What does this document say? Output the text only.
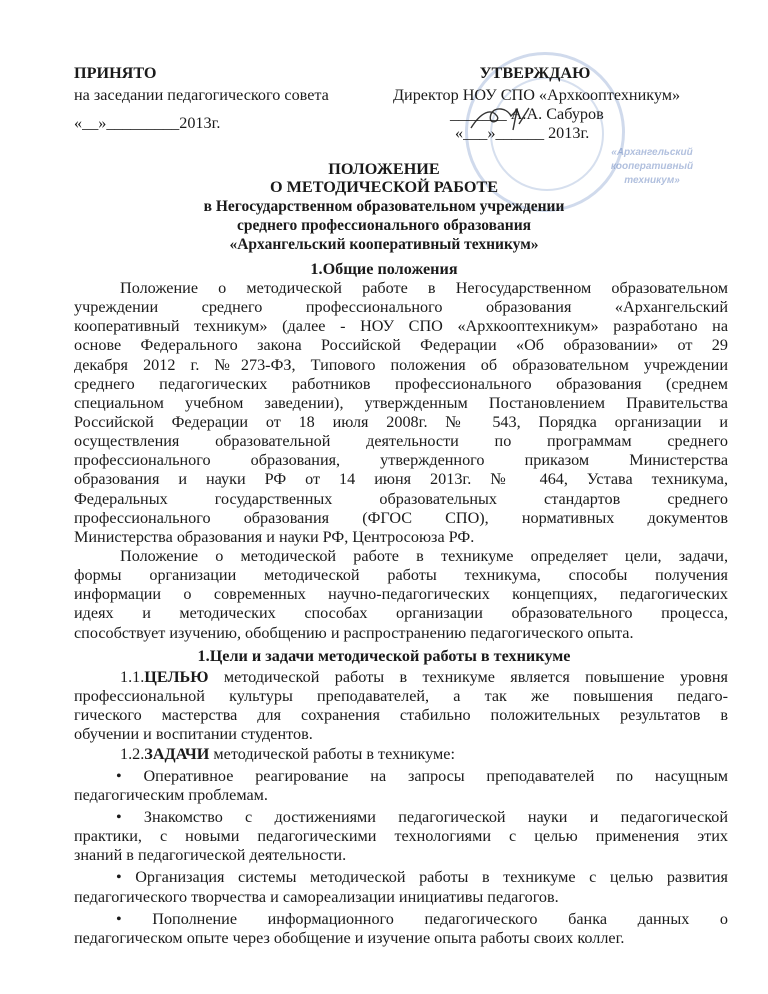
«Архангельский кооперативный техникум»
ПРИНЯТО
на заседании педагогического совета
«__»_________2013г.
УТВЕРЖДАЮ
Директор НОУ СПО «Архкооптехникум»
_______ А.А. Сабуров
«___»______ 2013г.
ПОЛОЖЕНИЕ
О МЕТОДИЧЕСКОЙ РАБОТЕ
в Негосударственном образовательном учреждении
среднего профессионального образования
«Архангельский кооперативный техникум»
1.Общие положения
Положение о методической работе в Негосударственном образовательном
учреждении среднего профессионального образования «Архангельский
кооперативный техникум» (далее - НОУ СПО «Архкооптехникум» разработано на
основе Федерального закона Российской Федерации «Об образовании» от 29
декабря 2012 г. №273-ФЗ, Типового положения об образовательном учреждении
среднего педагогических работников профессионального образования (среднем
специальном учебном заведении), утвержденным Постановлением Правительства
Российской Федерации от 18 июля 2008г. № 543, Порядка организации и
осуществления образовательной деятельности по программам среднего
профессионального образования, утвержденного приказом Министерства
образования и науки РФ от 14 июня 2013г. № 464, Устава техникума,
Федеральных государственных образовательных стандартов среднего
профессионального образования (ФГОС СПО), нормативных документов
Министерства образования и науки РФ, Центросоюза РФ.
Положение о методической работе в техникуме определяет цели, задачи,
формы организации методической работы техникума, способы получения
информации о современных научно-педагогических концепциях, педагогических
идеях и методических способах организации образовательного процесса,
способствует изучению, обобщению и распространению педагогического опыта.
1.Цели и задачи методической работы в техникуме
1.1.ЦЕЛЬЮ методической работы в техникуме является повышение уровня
профессиональной культуры преподавателей, а так же повышения педаго-
гического мастерства для сохранения стабильно положительных результатов в
обучении и воспитании студентов.
1.2.ЗАДАЧИ методической работы в техникуме:
• Оперативное реагирование на запросы преподавателей по насущным
педагогическим проблемам.
• Знакомство с достижениями педагогической науки и педагогической
практики, с новыми педагогическими технологиями с целью применения этих
знаний в педагогической деятельности.
• Организация системы методической работы в техникуме с целью развития
педагогического творчества и самореализации инициативы педагогов.
• Пополнение информационного педагогического банка данных о
педагогическом опыте через обобщение и изучение опыта работы своих коллег.
